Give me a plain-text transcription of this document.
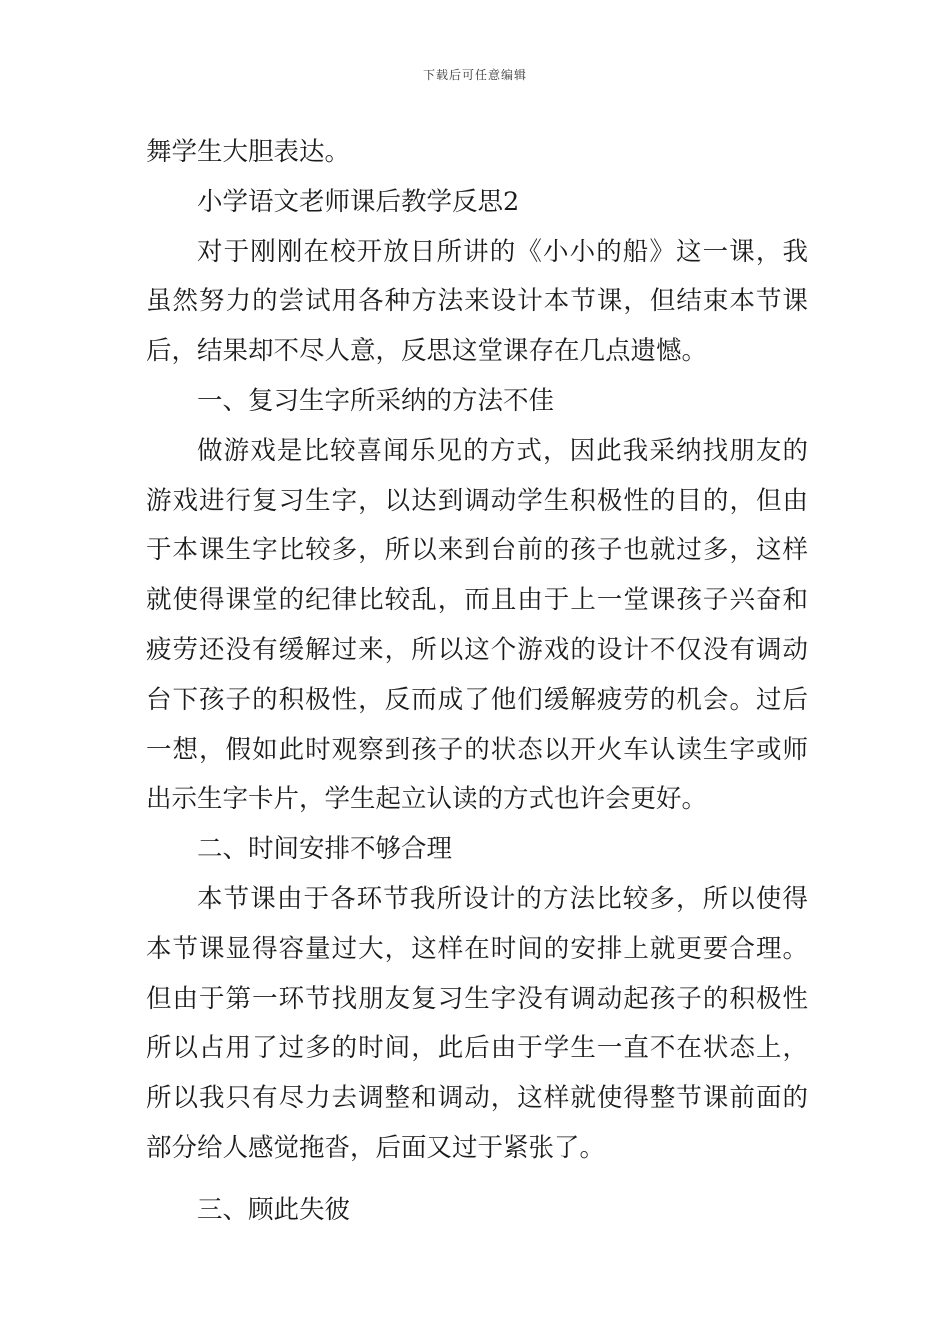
下载后可任意编辑

舞学生大胆表达。

小学语文老师课后教学反思2

对于刚刚在校开放日所讲的《小小的船》这一课，我虽然努力的尝试用各种方法来设计本节课，但结束本节课后，结果却不尽人意，反思这堂课存在几点遗憾。

一、复习生字所采纳的方法不佳

做游戏是比较喜闻乐见的方式，因此我采纳找朋友的游戏进行复习生字，以达到调动学生积极性的目的，但由于本课生字比较多，所以来到台前的孩子也就过多，这样就使得课堂的纪律比较乱，而且由于上一堂课孩子兴奋和疲劳还没有缓解过来，所以这个游戏的设计不仅没有调动台下孩子的积极性，反而成了他们缓解疲劳的机会。过后一想，假如此时观察到孩子的状态以开火车认读生字或师出示生字卡片，学生起立认读的方式也许会更好。

二、时间安排不够合理

本节课由于各环节我所设计的方法比较多，所以使得本节课显得容量过大，这样在时间的安排上就更要合理。但由于第一环节找朋友复习生字没有调动起孩子的积极性所以占用了过多的时间，此后由于学生一直不在状态上，所以我只有尽力去调整和调动，这样就使得整节课前面的部分给人感觉拖沓，后面又过于紧张了。

三、顾此失彼
